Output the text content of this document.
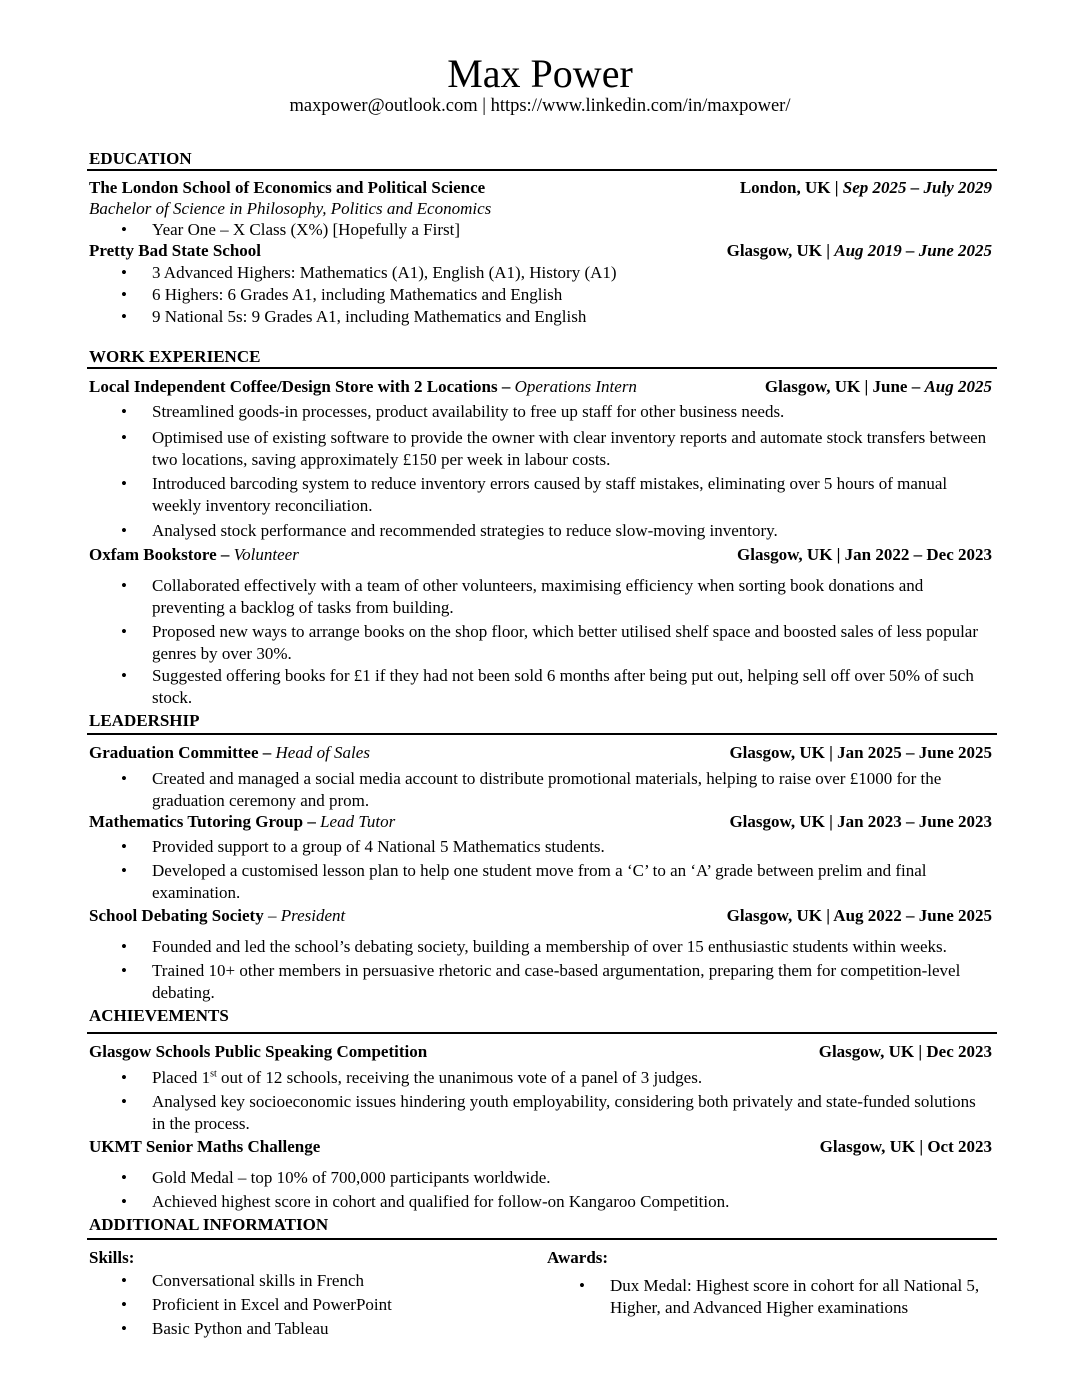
Max Power
maxpower@outlook.com | https://www.linkedin.com/in/maxpower/
EDUCATION
The London School of Economics and Political Science	London, UK | Sep 2025 – July 2029
Bachelor of Science in Philosophy, Politics and Economics
• Year One – X Class (X%) [Hopefully a First]
Pretty Bad State School	Glasgow, UK | Aug 2019 – June 2025
• 3 Advanced Highers: Mathematics (A1), English (A1), History (A1)
• 6 Highers: 6 Grades A1, including Mathematics and English
• 9 National 5s: 9 Grades A1, including Mathematics and English
WORK EXPERIENCE
Local Independent Coffee/Design Store with 2 Locations – Operations Intern	Glasgow, UK | June – Aug 2025
• Streamlined goods-in processes, product availability to free up staff for other business needs.
• Optimised use of existing software to provide the owner with clear inventory reports and automate stock transfers between two locations, saving approximately £150 per week in labour costs.
• Introduced barcoding system to reduce inventory errors caused by staff mistakes, eliminating over 5 hours of manual weekly inventory reconciliation.
• Analysed stock performance and recommended strategies to reduce slow-moving inventory.
Oxfam Bookstore – Volunteer	Glasgow, UK | Jan 2022 – Dec 2023
• Collaborated effectively with a team of other volunteers, maximising efficiency when sorting book donations and preventing a backlog of tasks from building.
• Proposed new ways to arrange books on the shop floor, which better utilised shelf space and boosted sales of less popular genres by over 30%.
• Suggested offering books for £1 if they had not been sold 6 months after being put out, helping sell off over 50% of such stock.
LEADERSHIP
Graduation Committee – Head of Sales	Glasgow, UK | Jan 2025 – June 2025
• Created and managed a social media account to distribute promotional materials, helping to raise over £1000 for the graduation ceremony and prom.
Mathematics Tutoring Group – Lead Tutor	Glasgow, UK | Jan 2023 – June 2023
• Provided support to a group of 4 National 5 Mathematics students.
• Developed a customised lesson plan to help one student move from a ‘C’ to an ‘A’ grade between prelim and final examination.
School Debating Society – President	Glasgow, UK | Aug 2022 – June 2025
• Founded and led the school’s debating society, building a membership of over 15 enthusiastic students within weeks.
• Trained 10+ other members in persuasive rhetoric and case-based argumentation, preparing them for competition-level debating.
ACHIEVEMENTS
Glasgow Schools Public Speaking Competition	Glasgow, UK | Dec 2023
• Placed 1st out of 12 schools, receiving the unanimous vote of a panel of 3 judges.
• Analysed key socioeconomic issues hindering youth employability, considering both privately and state-funded solutions in the process.
UKMT Senior Maths Challenge	Glasgow, UK | Oct 2023
• Gold Medal – top 10% of 700,000 participants worldwide.
• Achieved highest score in cohort and qualified for follow-on Kangaroo Competition.
ADDITIONAL INFORMATION
Skills:
• Conversational skills in French
• Proficient in Excel and PowerPoint
• Basic Python and Tableau
Awards:
• Dux Medal: Highest score in cohort for all National 5, Higher, and Advanced Higher examinations
